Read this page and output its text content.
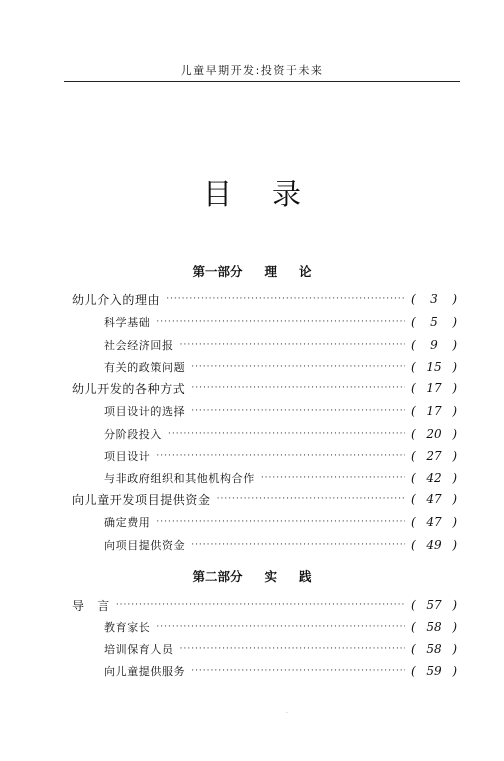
儿童早期开发:投资于未来
目录
第一部分 理 论
幼儿介入的理由 ·····	(	3	)
科学基础 ·····	(	5	)
社会经济回报 ·····	(	9	)
有关的政策问题 ·····	( 15 )
幼儿开发的各种方式 ·····	( 17 )
项目设计的选择 ·····	( 17 )
分阶段投入 ·····	( 20 )
项目设计 ·····	( 27 )
与非政府组织和其他机构合作 ·····	( 42 )
向儿童开发项目提供资金 ·····	( 47 )
确定费用 ·····	( 47 )
向项目提供资金 ·····	( 49 )
第二部分 实 践
导　言 ·····	( 57 )
教育家长 ·····	( 58 )
培训保育人员 ·····	( 58 )
向儿童提供服务 ·····	( 59 )
·
